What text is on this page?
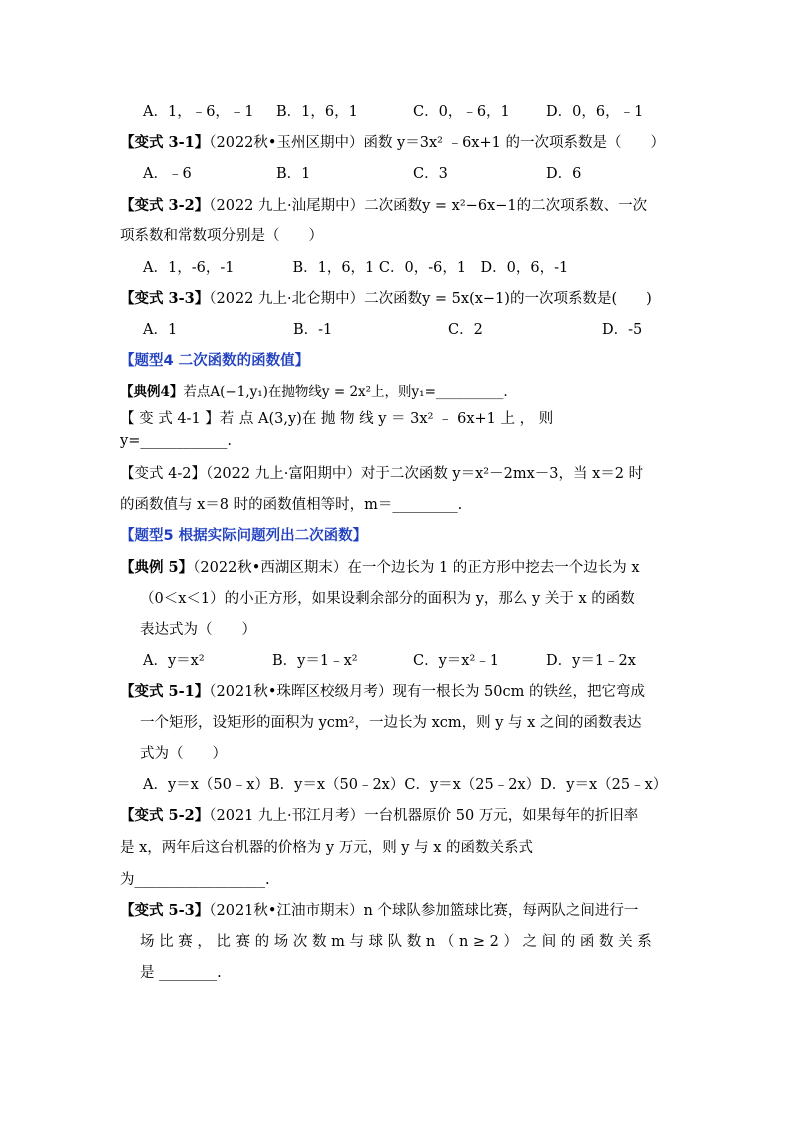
A．1，﹣6，﹣1 B．1，6，1	C．0，﹣6，1 D．0，6，﹣1
【变式 3-1】（2022秋•玉州区期中）函数 y＝3x² ﹣6x+1 的一次项系数是（　　）
A．﹣6	B．1	C．3	D．6
【变式 3-2】（2022 九上·汕尾期中）二次函数y = x²−6x−1的二次项系数、一次
项系数和常数项分别是（　　）
A．1，-6，-1　　　　B．1，6，1 C．0，-6，1　D．0，6，-1
【变式 3-3】（2022 九上·北仑期中）二次函数y = 5x(x−1)的一次项系数是(　　)
A．1	B．-1	C．2	D．-5
【题型4 二次函数的函数值】
【典例4】若点A(−1,y₁)在抛物线y = 2x²上，则y₁=__________.
【 变 式 4-1 】若 点 A(3,y)在 抛 物 线 y ＝ 3x² ﹣ 6x+1 上 ， 则
y=____________.
【变式 4-2】（2022 九上·富阳期中）对于二次函数 y＝x²－2mx－3，当 x＝2 时
的函数值与 x＝8 时的函数值相等时，m＝_________.
【题型5 根据实际问题列出二次函数】
【典例 5】（2022秋•西湖区期末）在一个边长为 1 的正方形中挖去一个边长为 x
（0＜x＜1）的小正方形，如果设剩余部分的面积为 y，那么 y 关于 x 的函数
表达式为（　　）
A．y＝x²	B．y＝1﹣x²	C．y＝x²﹣1	D．y＝1﹣2x
【变式 5-1】（2021秋•珠晖区校级月考）现有一根长为 50cm 的铁丝，把它弯成
一个矩形，设矩形的面积为 ycm²，一边长为 xcm，则 y 与 x 之间的函数表达
式为（　　）
A．y＝x（50﹣x）B．y＝x（50﹣2x）C．y＝x（25﹣2x）D．y＝x（25﹣x）
【变式 5-2】（2021 九上·邗江月考）一台机器原价 50 万元，如果每年的折旧率
是 x，两年后这台机器的价格为 y 万元，则 y 与 x 的函数关系式
为__________________.
【变式 5-3】（2021秋•江油市期末）n 个球队参加篮球比赛，每两队之间进行一
场 比 赛 ， 比 赛 的 场 次 数 m 与 球 队 数 n （ n ≥ 2 ） 之 间 的 函 数 关 系
是 ________.
